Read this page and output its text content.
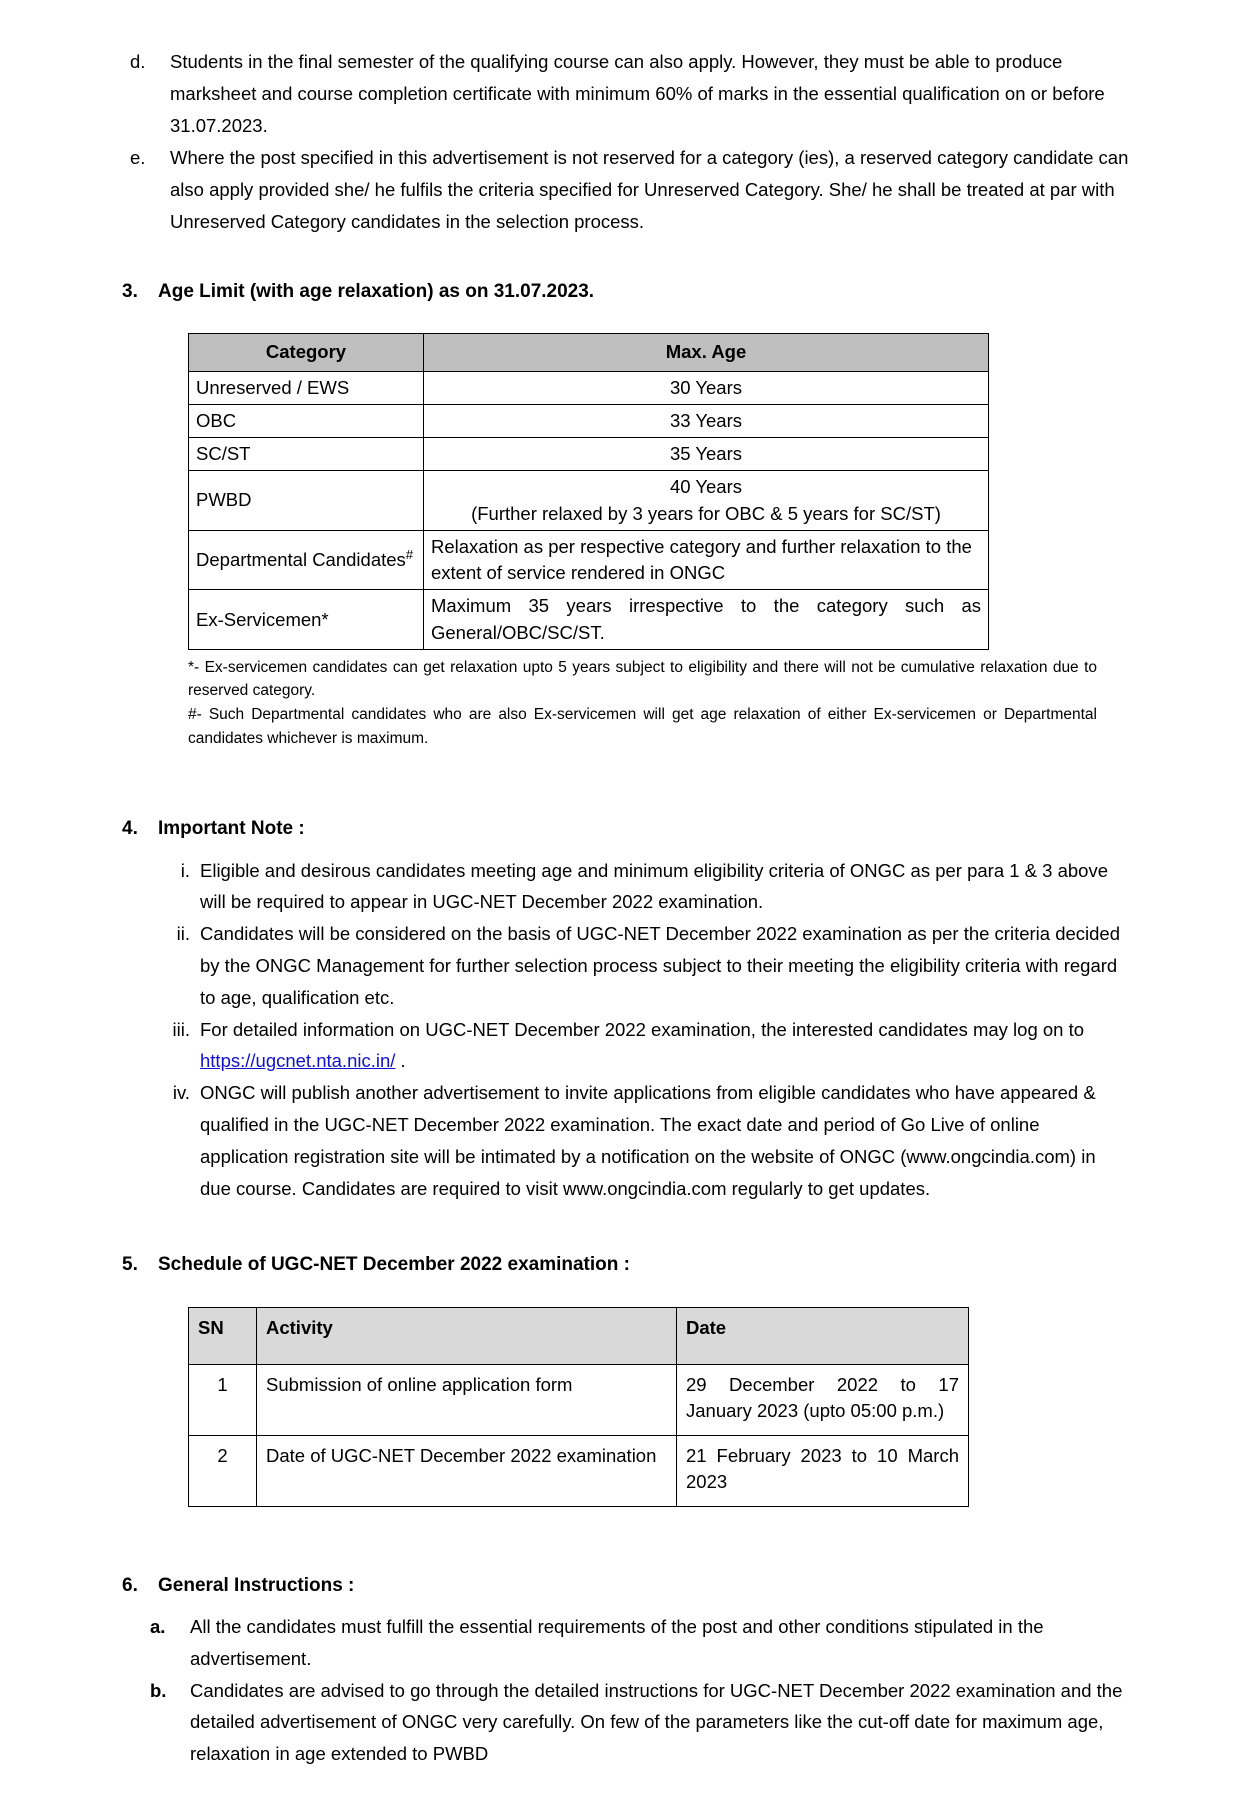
d.	Students in the final semester of the qualifying course can also apply. However, they must be able to produce marksheet and course completion certificate with minimum 60% of marks in the essential qualification on or before 31.07.2023.
e.	Where the post specified in this advertisement is not reserved for a category (ies), a reserved category candidate can also apply provided she/ he fulfils the criteria specified for Unreserved Category. She/ he shall be treated at par with Unreserved Category candidates in the selection process.
3. Age Limit (with age relaxation) as on 31.07.2023.
Category	Max. Age
Unreserved / EWS	30 Years
OBC	33 Years
SC/ST	35 Years
PWBD	40 Years
(Further relaxed by 3 years for OBC & 5 years for SC/ST)
Departmental Candidates#	Relaxation as per respective category and further relaxation to the extent of service rendered in ONGC
Ex-Servicemen*	Maximum 35 years irrespective to the category such as General/OBC/SC/ST.

*- Ex-servicemen candidates can get relaxation upto 5 years subject to eligibility and there will not be cumulative relaxation due to reserved category.

#- Such Departmental candidates who are also Ex-servicemen will get age relaxation of either Ex-servicemen or Departmental candidates whichever is maximum.

4. Important Note :
i. Eligible and desirous candidates meeting age and minimum eligibility criteria of ONGC as per para 1 & 3 above will be required to appear in UGC-NET December 2022 examination.
ii. Candidates will be considered on the basis of UGC-NET December 2022 examination as per the criteria decided by the ONGC Management for further selection process subject to their meeting the eligibility criteria with regard to age, qualification etc.
iii. For detailed information on UGC-NET December 2022 examination, the interested candidates may log on to https://ugcnet.nta.nic.in/ .
iv. ONGC will publish another advertisement to invite applications from eligible candidates who have appeared & qualified in the UGC-NET December 2022 examination. The exact date and period of Go Live of online application registration site will be intimated by a notification on the website of ONGC (www.ongcindia.com) in due course. Candidates are required to visit www.ongcindia.com regularly to get updates.
5. Schedule of UGC-NET December 2022 examination :
SN	Activity	Date
1	Submission of online application form	29 December 2022 to 17 January 2023 (upto 05:00 p.m.)
2	Date of UGC-NET December 2022 examination	21 February 2023 to 10 March 2023
6. General Instructions :
a.	All the candidates must fulfill the essential requirements of the post and other conditions stipulated in the advertisement.
b.	Candidates are advised to go through the detailed instructions for UGC-NET December 2022 examination and the detailed advertisement of ONGC very carefully. On few of the parameters like the cut-off date for maximum age, relaxation in age extended to PWBD
